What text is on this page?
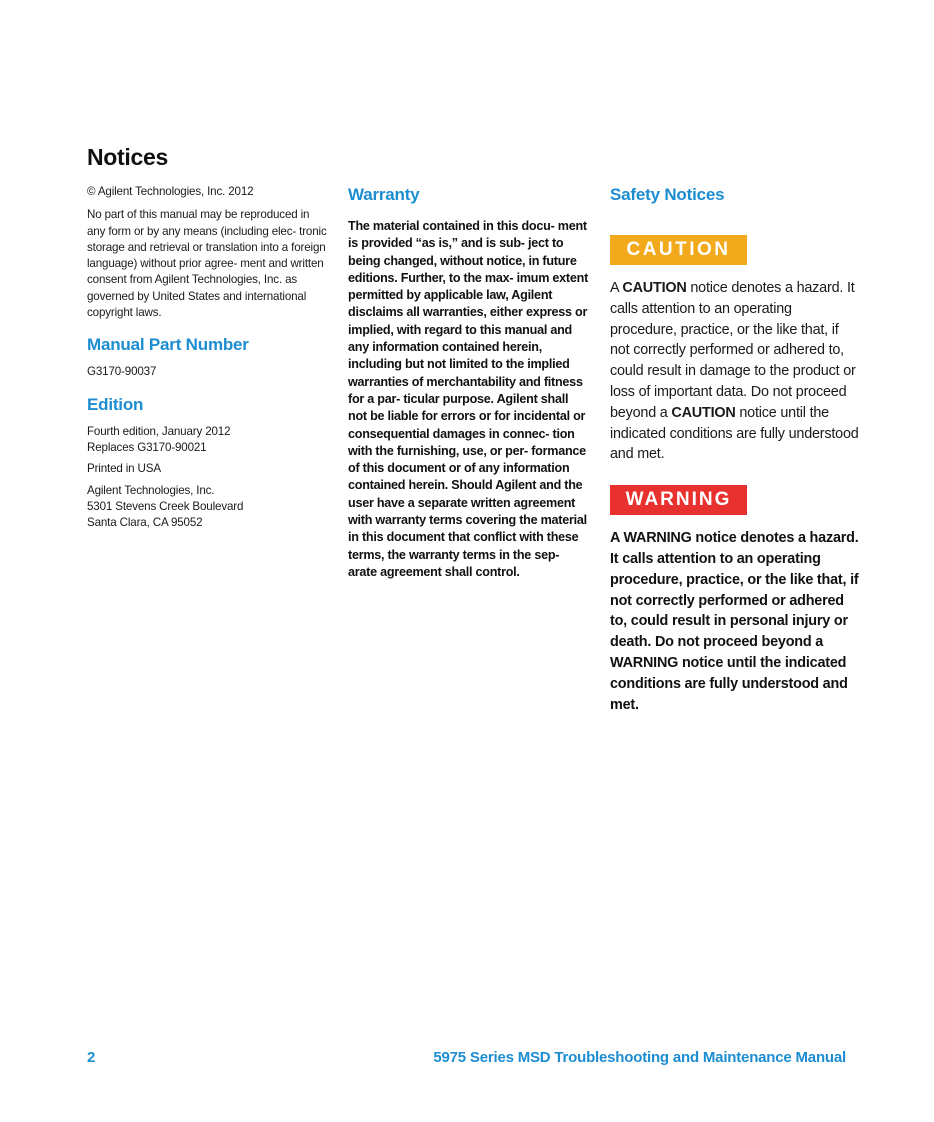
Notices

© Agilent Technologies, Inc. 2012

No part of this manual may be reproduced in any form or by any means (including elec- tronic storage and retrieval or translation into a foreign language) without prior agree- ment and written consent from Agilent Technologies, Inc. as governed by United States and international copyright laws.

Manual Part Number

G3170-90037

Edition

Fourth edition, January 2012
Replaces G3170-90021

Printed in USA

Agilent Technologies, Inc.
5301 Stevens Creek Boulevard
Santa Clara, CA 95052

Warranty

The material contained in this docu- ment is provided “as is,” and is sub- ject to being changed, without notice, in future editions. Further, to the max- imum extent permitted by applicable law, Agilent disclaims all warranties, either express or implied, with regard to this manual and any information contained herein, including but not limited to the implied warranties of merchantability and fitness for a par- ticular purpose. Agilent shall not be liable for errors or for incidental or consequential damages in connec- tion with the furnishing, use, or per- formance of this document or of any information contained herein. Should Agilent and the user have a separate written agreement with warranty terms covering the material in this document that conflict with these terms, the warranty terms in the sep- arate agreement shall control.

Safety Notices
CAUTION

A CAUTION notice denotes a hazard. It calls attention to an operating procedure, practice, or the like that, if not correctly performed or adhered to, could result in damage to the product or loss of important data. Do not proceed beyond a CAUTION notice until the indicated conditions are fully understood and met.

WARNING

A WARNING notice denotes a hazard. It calls attention to an operating procedure, practice, or the like that, if not correctly performed or adhered to, could result in personal injury or death. Do not proceed beyond a WARNING notice until the indicated conditions are fully understood and met.

2	5975 Series MSD Troubleshooting and Maintenance Manual
